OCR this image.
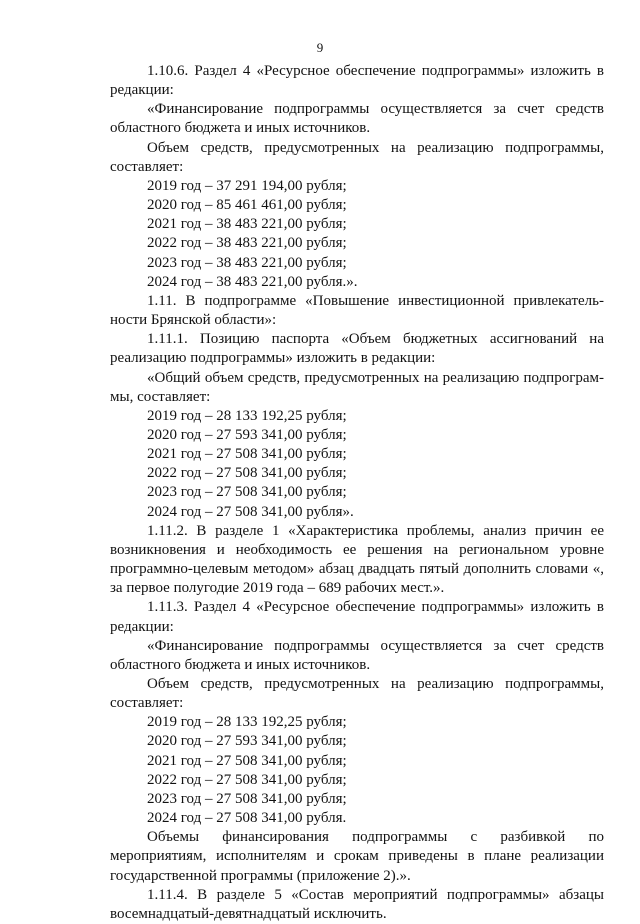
9

1.10.6. Раздел 4 «Ресурсное обеспечение подпрограммы» изложить в редакции:

«Финансирование подпрограммы осуществляется за счет средств областного бюджета и иных источников.

Объем средств, предусмотренных на реализацию подпрограммы, составляет:

2019 год – 37 291 194,00 рубля;

2020 год – 85 461 461,00 рубля;

2021 год – 38 483 221,00 рубля;

2022 год – 38 483 221,00 рубля;

2023 год – 38 483 221,00 рубля;

2024 год – 38 483 221,00 рубля.».

1.11. В подпрограмме «Повышение инвестиционной привлекатель-ности Брянской области»:

1.11.1. Позицию паспорта «Объем бюджетных ассигнований на реализацию подпрограммы» изложить в редакции:

«Общий объем средств, предусмотренных на реализацию подпрограм-мы, составляет:

2019 год – 28 133 192,25 рубля;

2020 год – 27 593 341,00 рубля;

2021 год – 27 508 341,00 рубля;

2022 год – 27 508 341,00 рубля;

2023 год – 27 508 341,00 рубля;

2024 год – 27 508 341,00 рубля».

1.11.2. В разделе 1 «Характеристика проблемы, анализ причин ее возникновения и необходимость ее решения на региональном уровне программно-целевым методом» абзац двадцать пятый дополнить словами «, за первое полугодие 2019 года – 689 рабочих мест.».

1.11.3. Раздел 4 «Ресурсное обеспечение подпрограммы» изложить в редакции:

«Финансирование подпрограммы осуществляется за счет средств областного бюджета и иных источников.

Объем средств, предусмотренных на реализацию подпрограммы, составляет:

2019 год – 28 133 192,25 рубля;

2020 год – 27 593 341,00 рубля;

2021 год – 27 508 341,00 рубля;

2022 год – 27 508 341,00 рубля;

2023 год – 27 508 341,00 рубля;

2024 год – 27 508 341,00 рубля.

Объемы финансирования подпрограммы с разбивкой по мероприятиям, исполнителям и срокам приведены в плане реализации государственной программы (приложение 2).».

1.11.4. В разделе 5 «Состав мероприятий подпрограммы» абзацы восемнадцатый-девятнадцатый исключить.
